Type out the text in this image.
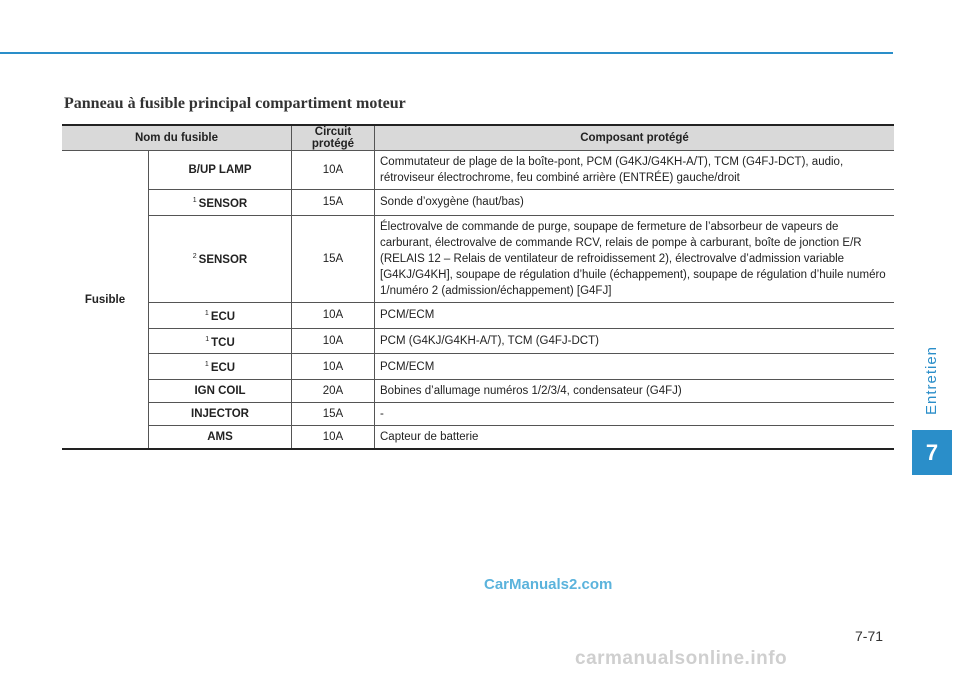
Panneau à fusible principal compartiment moteur
Nom du fusible		Circuit protégé	Composant protégé
Fusible	B/UP LAMP	10A	Commutateur de plage de la boîte-pont, PCM (G4KJ/G4KH-A/T), TCM (G4FJ-DCT), audio, rétroviseur électrochrome, feu combiné arrière (ENTRÉE) gauche/droit
	$^1$ SENSOR	15A	Sonde d’oxygène (haut/bas)
	$^2$ SENSOR	15A	Électrovalve de commande de purge, soupape de fermeture de l’absorbeur de vapeurs de carburant, électrovalve de commande RCV, relais de pompe à carburant, boîte de jonction E/R (RELAIS 12 – Relais de ventilateur de refroidissement 2), électrovalve d’admission variable [G4KJ/G4KH], soupape de régulation d’huile (échappement), soupape de régulation d’huile numéro 1/numéro 2 (admission/échappement) [G4FJ]
	$^1$ ECU	10A	PCM/ECM
	$^1$ TCU	10A	PCM (G4KJ/G4KH-A/T), TCM (G4FJ-DCT)
	$^1$ ECU	10A	PCM/ECM
	IGN COIL	20A	Bobines d’allumage numéros 1/2/3/4, condensateur (G4FJ)
	INJECTOR	15A	-
	AMS	10A	Capteur de batterie
Entretien
7
CarManuals2.com
7-71
carmanualsonline.info
